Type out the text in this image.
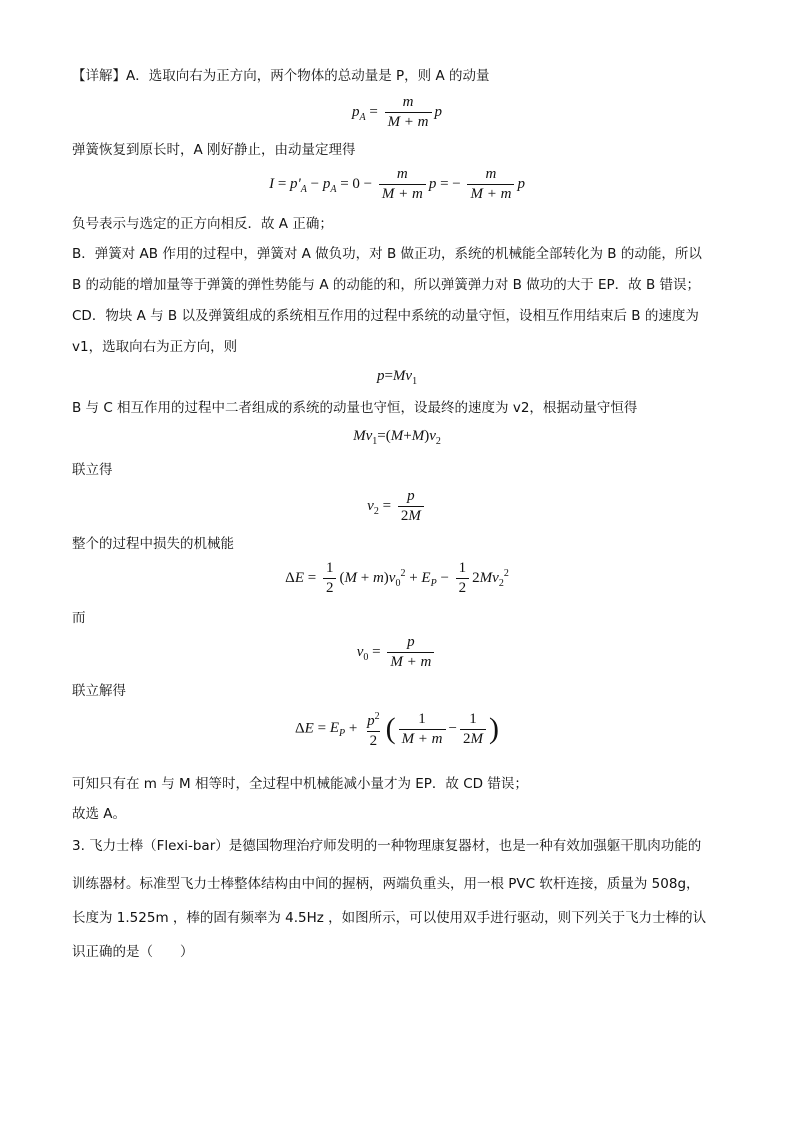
【详解】A．选取向右为正方向，两个物体的总动量是 P，则 A 的动量
$p_A = \frac{m}{M + m}$ p
弹簧恢复到原长时，A 刚好静止，由动量定理得
$I = p'_A - p_A = 0 - \frac{m}{M + m}$ p = − $\frac{m}{M + m}$ p
负号表示与选定的正方向相反．故 A 正确；
B．弹簧对 AB 作用的过程中，弹簧对 A 做负功，对 B 做正功，系统的机械能全部转化为 B 的动能，所以
B 的动能的增加量等于弹簧的弹性势能与 A 的动能的和，所以弹簧弹力对 B 做功的大于 EP．故 B 错误；
CD．物块 A 与 B 以及弹簧组成的系统相互作用的过程中系统的动量守恒，设相互作用结束后 B 的速度为
v1，选取向右为正方向，则
$p=Mv_1$
B 与 C 相互作用的过程中二者组成的系统的动量也守恒，设最终的速度为 v2，根据动量守恒得
$Mv_1=(M+M)v_2$
联立得
$v_2 = \frac{p}{2M}$
整个的过程中损失的机械能
$\Delta E = \frac{1}{2} (M + m)v_0^2 + E_P - \frac{1}{2} 2Mv_2^2$
而
$v_0 = \frac{p}{M + m}$
联立解得
$\Delta E = E_P + \frac{p^2}{2}$ ( $\frac{1}{M + m} - \frac{1}{2M}$ )
可知只有在 m 与 M 相等时，全过程中机械能减小量才为 EP．故 CD 错误；
故选 A。
3. 飞力士棒（Flexi-bar）是德国物理治疗师发明的一种物理康复器材，也是一种有效加强躯干肌肉功能的
训练器材。标准型飞力士棒整体结构由中间的握柄，两端负重头，用一根 PVC 软杆连接，质量为 508g，
长度为 1.525m ，棒的固有频率为 4.5Hz ，如图所示，可以使用双手进行驱动，则下列关于飞力士棒的认
识正确的是（　　）
